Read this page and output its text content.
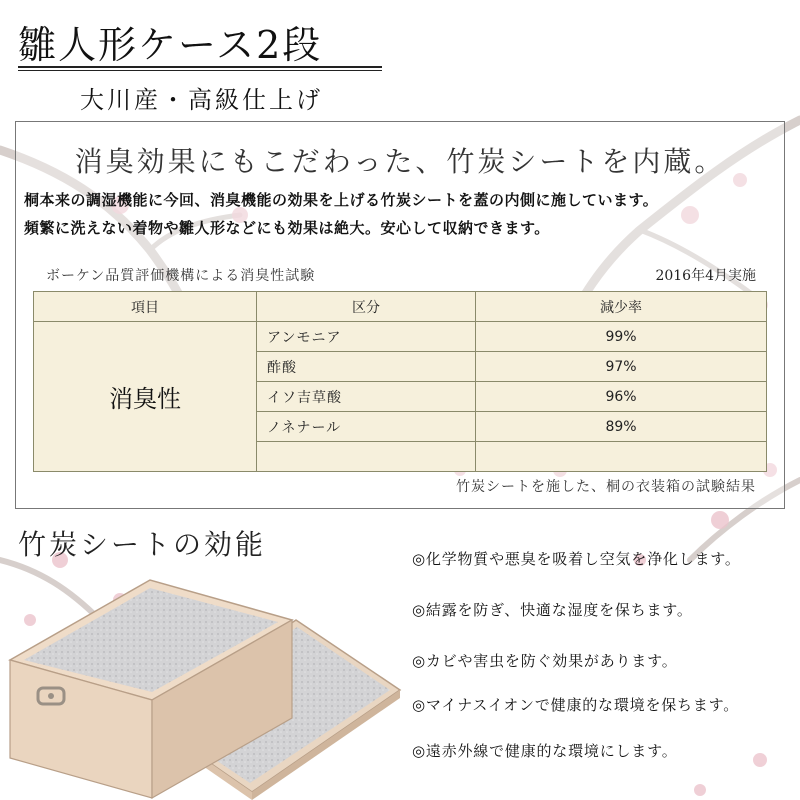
雛人形ケース2段
大川産・高級仕上げ
消臭効果にもこだわった、竹炭シートを内蔵。
桐本来の調湿機能に今回、消臭機能の効果を上げる竹炭シートを蓋の内側に施しています。
頻繁に洗えない着物や雛人形などにも効果は絶大。安心して収納できます。
ボーケン品質評価機構による消臭性試験	2016年4月実施
項目	区分	減少率
消臭性	アンモニア	99%
	酢酸	97%
	イソ吉草酸	96%
	ノネナール	89%

竹炭シートを施した、桐の衣装箱の試験結果
竹炭シートの効能	◎化学物質や悪臭を吸着し空気を浄化します。
◎結露を防ぎ、快適な湿度を保ちます。
◎カビや害虫を防ぐ効果があります。
◎マイナスイオンで健康的な環境を保ちます。
◎遠赤外線で健康的な環境にします。
